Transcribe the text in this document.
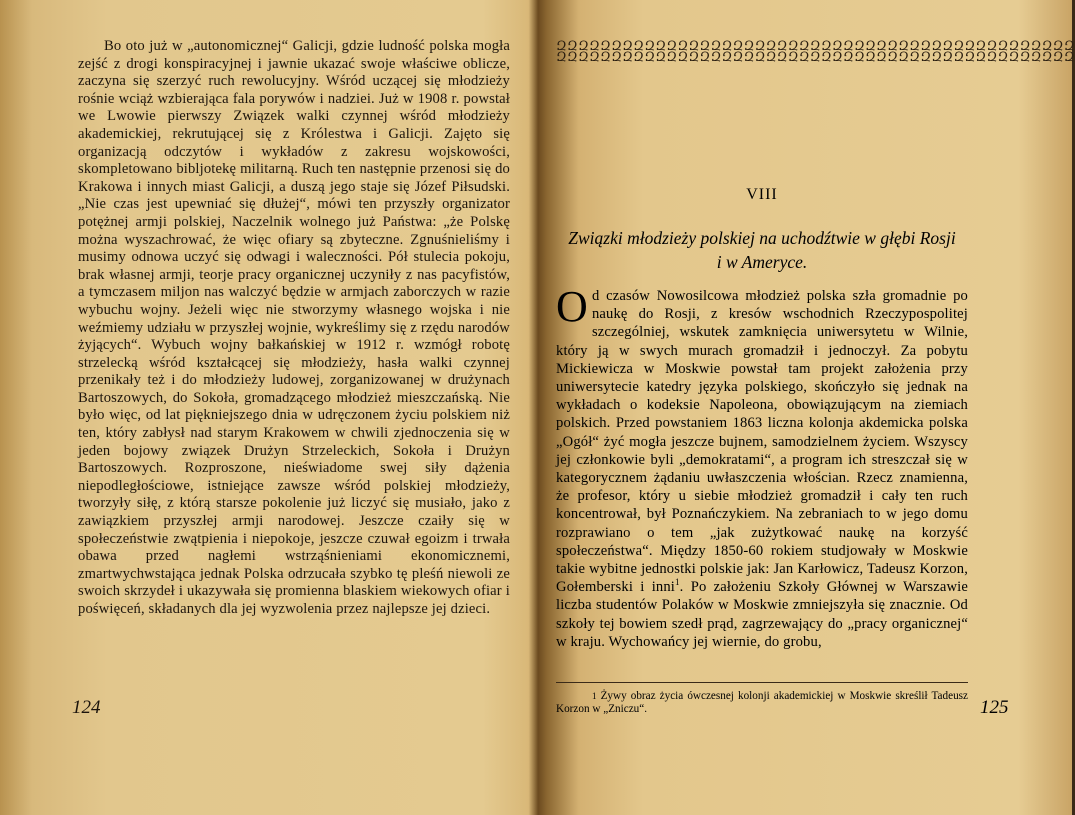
Bo oto już w „autonomicznej“ Galicji, gdzie ludność polska mogła zejść z drogi konspiracyjnej i jawnie ukazać swoje właściwe oblicze, zaczyna się szerzyć ruch rewolucyjny. Wśród uczącej się młodzieży rośnie wciąż wzbierająca fala porywów i nadziei. Już w 1908 r. powstał we Lwowie pierwszy Związek walki czynnej wśród młodzieży akademickiej, rekrutującej się z Królestwa i Galicji. Zajęto się organizacją odczytów i wykładów z zakresu wojskowości, skompletowano bibljotekę militarną. Ruch ten następnie przenosi się do Krakowa i innych miast Galicji, a duszą jego staje się Józef Piłsudski. „Nie czas jest upewniać się dłużej“, mówi ten przyszły organizator potężnej armji polskiej, Naczelnik wolnego już Państwa: „że Polskę można wyszachrować, że więc ofiary są zbyteczne. Zgnuśnieliśmy i musimy odnowa uczyć się odwagi i waleczności. Pół stulecia pokoju, brak własnej armji, teorje pracy organicznej uczyniły z nas pacyfistów, a tymczasem miljon nas walczyć będzie w armjach zaborczych w razie wybuchu wojny. Jeżeli więc nie stworzymy własnego wojska i nie weźmiemy udziału w przyszłej wojnie, wykreślimy się z rzędu narodów żyjących“. Wybuch wojny bałkańskiej w 1912 r. wzmógł robotę strzelecką wśród kształcącej się młodzieży, hasła walki czynnej przenikały też i do młodzieży ludowej, zorganizowanej w drużynach Bartoszowych, do Sokoła, gromadzącego młodzież mieszczańską. Nie było więc, od lat piękniejszego dnia w udręczonem życiu polskiem niż ten, który zabłysł nad starym Krakowem w chwili zjednoczenia się w jeden bojowy związek Drużyn Strzeleckich, Sokoła i Drużyn Bartoszowych. Rozproszone, nieświadome swej siły dążenia niepodległościowe, istniejące zawsze wśród polskiej młodzieży, tworzyły siłę, z którą starsze pokolenie już liczyć się musiało, jako z zawiązkiem przyszłej armji narodowej. Jeszcze czaiły się w społeczeństwie zwątpienia i niepokoje, jeszcze czuwał egoizm i trwała obawa przed nagłemi wstrząśnieniami ekonomicznemi, zmartwychwstająca jednak Polska odrzucała szybko tę pleśń niewoli ze swoich skrzydeł i ukazywała się promienna blaskiem wiekowych ofiar i poświęceń, składanych dla jej wyzwolenia przez najlepsze jej dzieci.

124
ԶԶԶԶԶԶԶԶԶԶԶԶԶԶԶԶԶԶԶԶԶԶԶԶԶԶԶԶԶԶԶԶԶԶԶԶԶԶԶԶԶԶԶԶԶԶԶ
ԶԶԶԶԶԶԶԶԶԶԶԶԶԶԶԶԶԶԶԶԶԶԶԶԶԶԶԶԶԶԶԶԶԶԶԶԶԶԶԶԶԶԶԶԶԶԶ
VIII
Związki młodzieży polskiej na uchodźtwie w głębi Rosji i w Ameryce.

Od czasów Nowosilcowa młodzież polska szła gromadnie po naukę do Rosji, z kresów wschodnich Rzeczypospolitej szczególniej, wskutek zamknięcia uniwersytetu w Wilnie, który ją w swych murach gromadził i jednoczył. Za pobytu Mickiewicza w Moskwie powstał tam projekt założenia przy uniwersytecie katedry języka polskiego, skończyło się jednak na wykładach o kodeksie Napoleona, obowiązującym na ziemiach polskich. Przed powstaniem 1863 liczna kolonja akdemicka polska „Ogół“ żyć mogła jeszcze bujnem, samodzielnem życiem. Wszyscy jej członkowie byli „demokratami“, a program ich streszczał się w kategorycznem żądaniu uwłaszczenia włościan. Rzecz znamienna, że profesor, który u siebie młodzież gromadził i cały ten ruch koncentrował, był Poznańczykiem. Na zebraniach to w jego domu rozprawiano o tem „jak zużytkować naukę na korzyść społeczeństwa“. Między 1850-60 rokiem studjowały w Moskwie takie wybitne jednostki polskie jak: Jan Karłowicz, Tadeusz Korzon, Gołemberski i inni$^1$. Po założeniu Szkoły Głównej w Warszawie liczba studentów Polaków w Moskwie zmniejszyła się znacznie. Od szkoły tej bowiem szedł prąd, zagrzewający do „pracy organicznej“ w kraju. Wychowańcy jej wiernie, do grobu,

$^1$ Żywy obraz życia ówczesnej kolonji akademickiej w Moskwie skreślił Tadeusz Korzon w „Zniczu“.	125
